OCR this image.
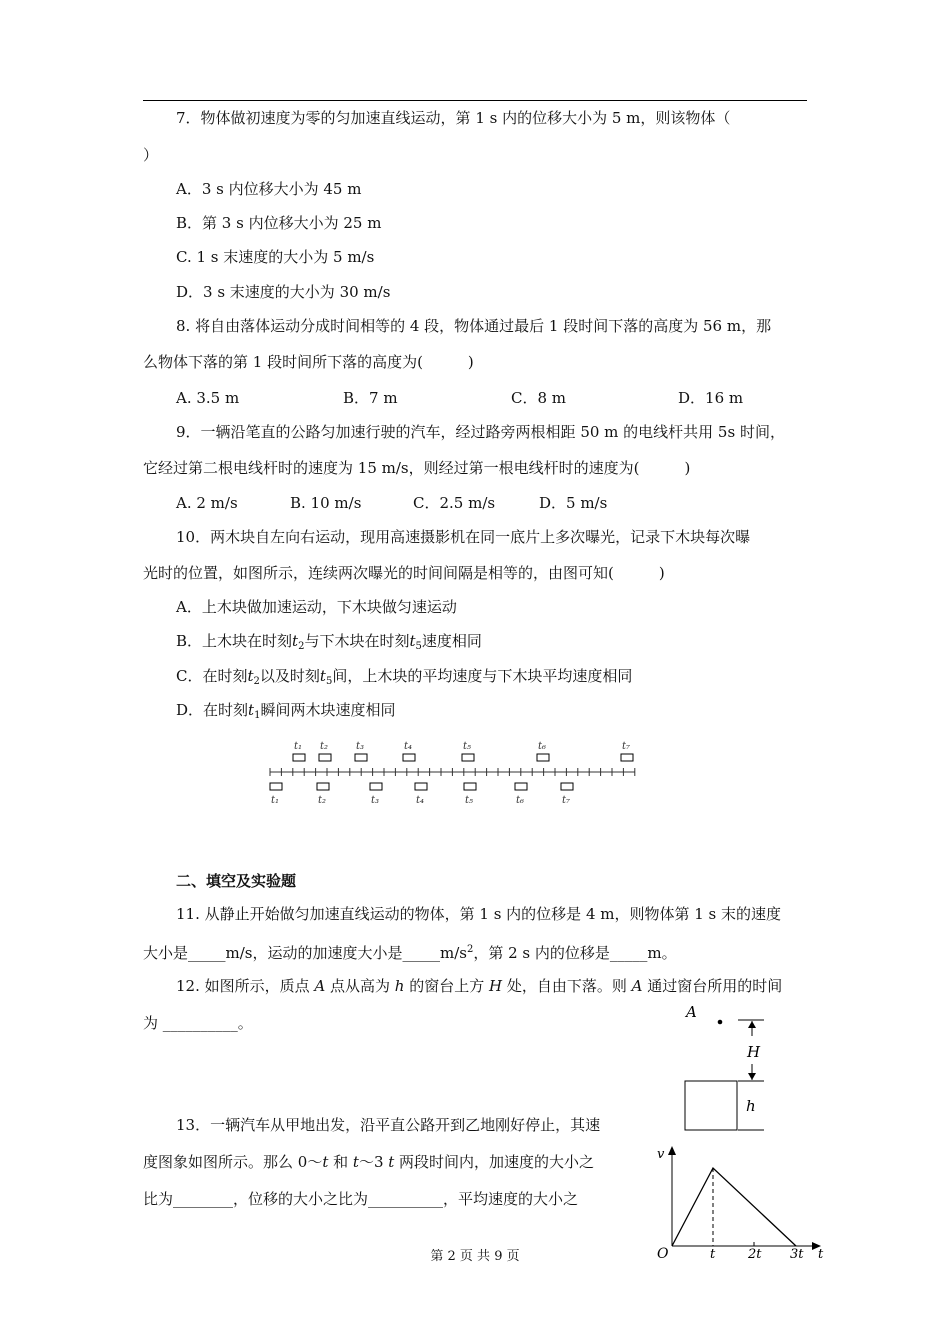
7．物体做初速度为零的匀加速直线运动，第 1 s 内的位移大小为 5 m，则该物体（
）
A．3 s 内位移大小为 45 m
B．第 3 s 内位移大小为 25 m
C. 1 s 末速度的大小为 5 m/s
D．3 s 末速度的大小为 30 m/s
8. 将自由落体运动分成时间相等的 4 段，物体通过最后 1 段时间下落的高度为 56 m，那
么物体下落的第 1 段时间所下落的高度为(　　　)
A. 3.5 m	B．7 m	C．8 m	D．16 m
9．一辆沿笔直的公路匀加速行驶的汽车，经过路旁两根相距 50 m 的电线杆共用 5s 时间，
它经过第二根电线杆时的速度为 15 m/s，则经过第一根电线杆时的速度为(　　　)
A. 2 m/s	B. 10 m/s	C．2.5 m/s	D．5 m/s
10．两木块自左向右运动，现用高速摄影机在同一底片上多次曝光，记录下木块每次曝
光时的位置，如图所示，连续两次曝光的时间间隔是相等的，由图可知(　　　)
A．上木块做加速运动，下木块做匀速运动
B．上木块在时刻$t_2$与下木块在时刻$t_5$速度相同
C．在时刻$t_2$以及时刻$t_5$间，上木块的平均速度与下木块平均速度相同
D．在时刻$t_1$瞬间两木块速度相同
t₁ t₂	t₃	t₄	t₅	t₆	t₇
t₁	t₂	t₃	t₄	t₅	t₆	t₇
二、填空及实验题
11. 从静止开始做匀加速直线运动的物体，第 1 s 内的位移是 4 m，则物体第 1 s 末的速度
大小是_____m/s，运动的加速度大小是$\_\_\_\_\_m/s^2$，第 2 s 内的位移是_____m。
12. 如图所示，质点 A 点从高为 h 的窗台上方 H 处，自由下落。则 A 通过窗台所用的时间
为 __________。
A
H
h
13．一辆汽车从甲地出发，沿平直公路开到乙地刚好停止，其速
度图象如图所示。那么 0～t 和 t～3 t 两段时间内，加速度的大小之
比为________，位移的大小之比为__________，平均速度的大小之
v
O	t	2t 3t t
第 2 页 共 9 页
